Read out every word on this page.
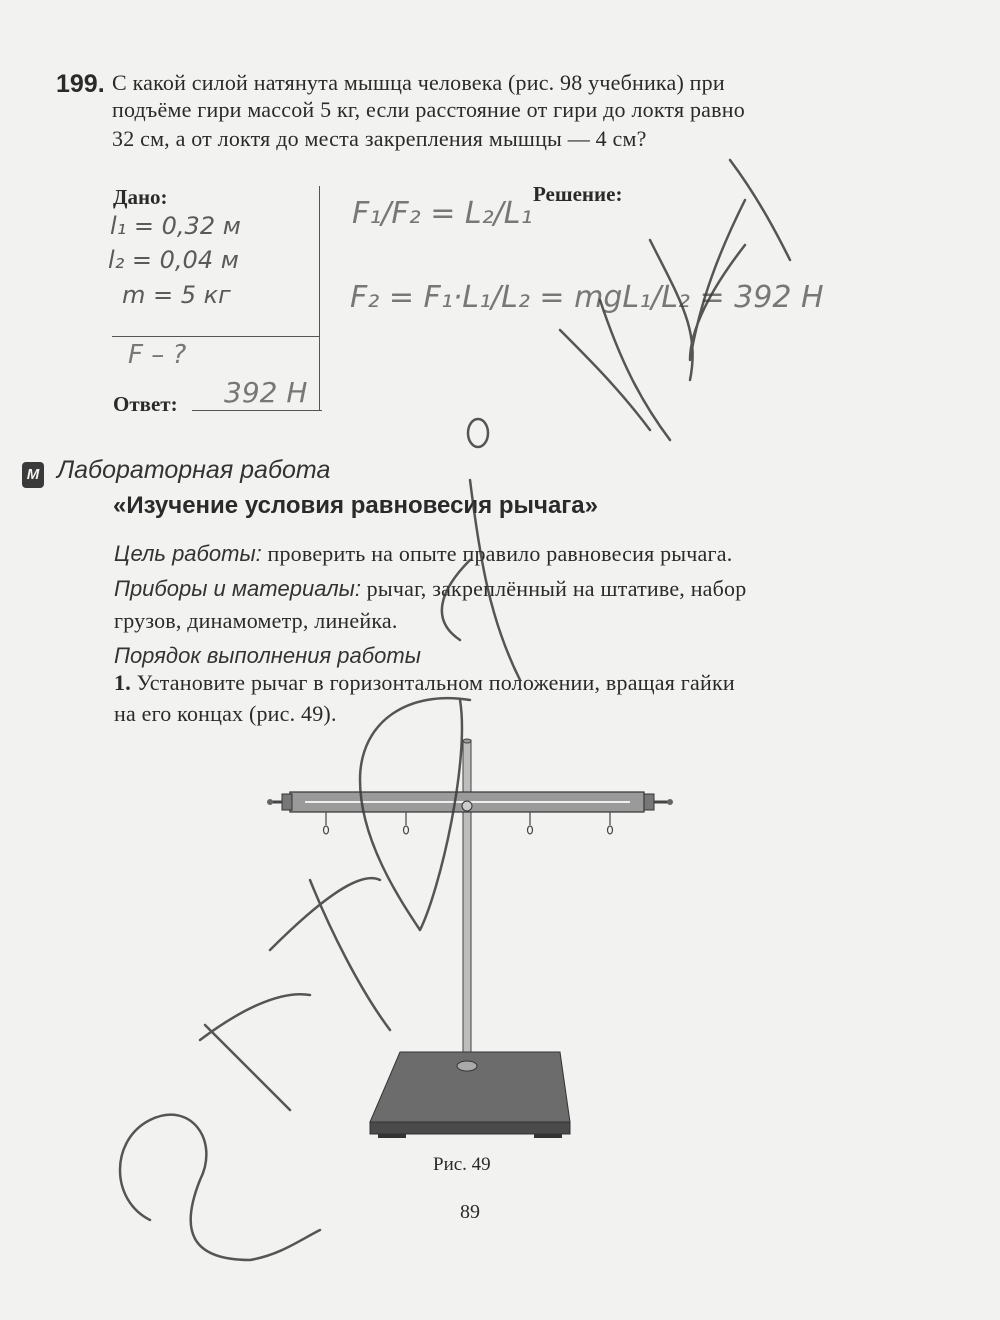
199. С какой силой натянута мышца человека (рис. 98 учебника) при
подъёме гири массой 5 кг, если расстояние от гири до локтя равно
32 см, а от локтя до места закрепления мышцы — 4 см?
Дано:
l₁ = 0,32 м
l₂ = 0,04 м
m = 5 кг
F – ?
Ответ: 392 Н
Решение:
F₁/F₂ = L₂/L₁
F₂ = F₁·L₁/L₂ = mgL₁/L₂ = 392 Н
М Лабораторная работа
«Изучение условия равновесия рычага»
Цель работы: проверить на опыте правило равновесия рычага.
Приборы и материалы: рычаг, закреплённый на штативе, набор
грузов, динамометр, линейка.
Порядок выполнения работы
1. Установите рычаг в горизонтальном положении, вращая гайки
на его концах (рис. 49).
Рис. 49
89
